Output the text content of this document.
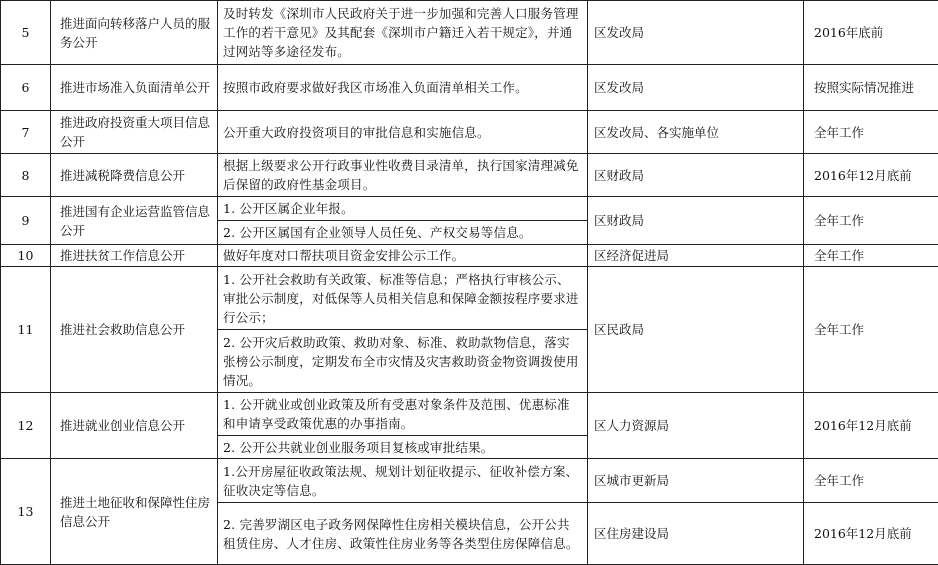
5	推进面向转移落户人员的服务公开	及时转发《深圳市人民政府关于进一步加强和完善人口服务管理工作的若干意见》及其配套《深圳市户籍迁入若干规定》，并通过网站等多途径发布。	区发改局	2016年底前
6	推进市场准入负面清单公开	按照市政府要求做好我区市场准入负面清单相关工作。	区发改局	按照实际情况推进
7	推进政府投资重大项目信息公开	公开重大政府投资项目的审批信息和实施信息。	区发改局、各实施单位	全年工作
8	推进减税降费信息公开	根据上级要求公开行政事业性收费目录清单，执行国家清理减免后保留的政府性基金项目。	区财政局	2016年12月底前
9	推进国有企业运营监管信息公开	1. 公开区属企业年报。	区财政局	全年工作
		2. 公开区属国有企业领导人员任免、产权交易等信息。		
10	推进扶贫工作信息公开	做好年度对口帮扶项目资金安排公示工作。	区经济促进局	全年工作
11	推进社会救助信息公开	1. 公开社会救助有关政策、标准等信息；严格执行审核公示、审批公示制度，对低保等人员相关信息和保障金额按程序要求进行公示；	区民政局	全年工作
		2. 公开灾后救助政策、救助对象、标准、救助款物信息，落实张榜公示制度，定期发布全市灾情及灾害救助资金物资调拨使用情况。		
12	推进就业创业信息公开	1. 公开就业或创业政策及所有受惠对象条件及范围、优惠标准和申请享受政策优惠的办事指南。	区人力资源局	2016年12月底前
		2. 公开公共就业创业服务项目复核或审批结果。		
13	推进土地征收和保障性住房信息公开	1.公开房屋征收政策法规、规划计划征收提示、征收补偿方案、征收决定等信息。	区城市更新局	全年工作
		2. 完善罗湖区电子政务网保障性住房相关模块信息，公开公共租赁住房、人才住房、政策性住房业务等各类型住房保障信息。	区住房建设局	2016年12月底前
